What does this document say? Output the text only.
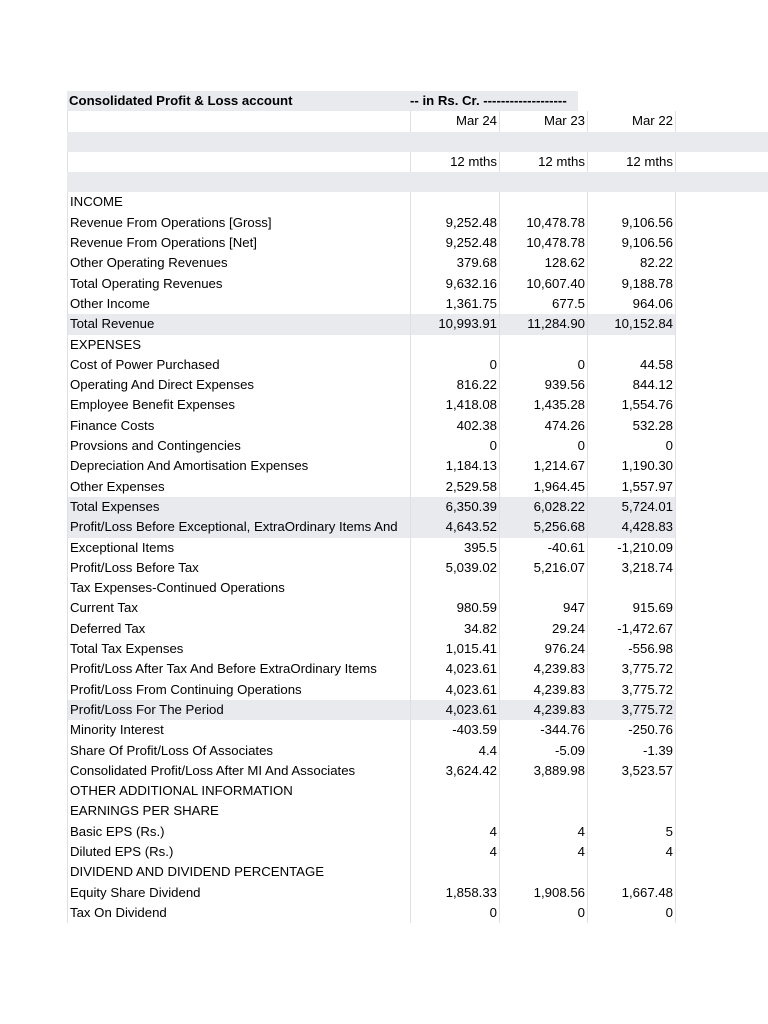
Consolidated Profit & Loss account	-- in Rs. Cr. -------------------
Mar 24	Mar 23	Mar 22
12 mths	12 mths	12 mths
INCOME
Revenue From Operations [Gross]	9,252.48	10,478.78	9,106.56
Revenue From Operations [Net]	9,252.48	10,478.78	9,106.56
Other Operating Revenues	379.68	128.62	82.22
Total Operating Revenues	9,632.16	10,607.40	9,188.78
Other Income	1,361.75	677.5	964.06
Total Revenue	10,993.91	11,284.90	10,152.84
EXPENSES
Cost of Power Purchased	0	0	44.58
Operating And Direct Expenses	816.22	939.56	844.12
Employee Benefit Expenses	1,418.08	1,435.28	1,554.76
Finance Costs	402.38	474.26	532.28
Provsions and Contingencies	0	0	0
Depreciation And Amortisation Expenses	1,184.13	1,214.67	1,190.30
Other Expenses	2,529.58	1,964.45	1,557.97
Total Expenses	6,350.39	6,028.22	5,724.01
Profit/Loss Before Exceptional, ExtraOrdinary Items And	4,643.52	5,256.68	4,428.83
Exceptional Items	395.5	-40.61	-1,210.09
Profit/Loss Before Tax	5,039.02	5,216.07	3,218.74
Tax Expenses-Continued Operations
Current Tax	980.59	947	915.69
Deferred Tax	34.82	29.24	-1,472.67
Total Tax Expenses	1,015.41	976.24	-556.98
Profit/Loss After Tax And Before ExtraOrdinary Items	4,023.61	4,239.83	3,775.72
Profit/Loss From Continuing Operations	4,023.61	4,239.83	3,775.72
Profit/Loss For The Period	4,023.61	4,239.83	3,775.72
Minority Interest	-403.59	-344.76	-250.76
Share Of Profit/Loss Of Associates	4.4	-5.09	-1.39
Consolidated Profit/Loss After MI And Associates	3,624.42	3,889.98	3,523.57
OTHER ADDITIONAL INFORMATION
EARNINGS PER SHARE
Basic EPS (Rs.)	4	4	5
Diluted EPS (Rs.)	4	4	4
DIVIDEND AND DIVIDEND PERCENTAGE
Equity Share Dividend	1,858.33	1,908.56	1,667.48
Tax On Dividend	0	0	0
